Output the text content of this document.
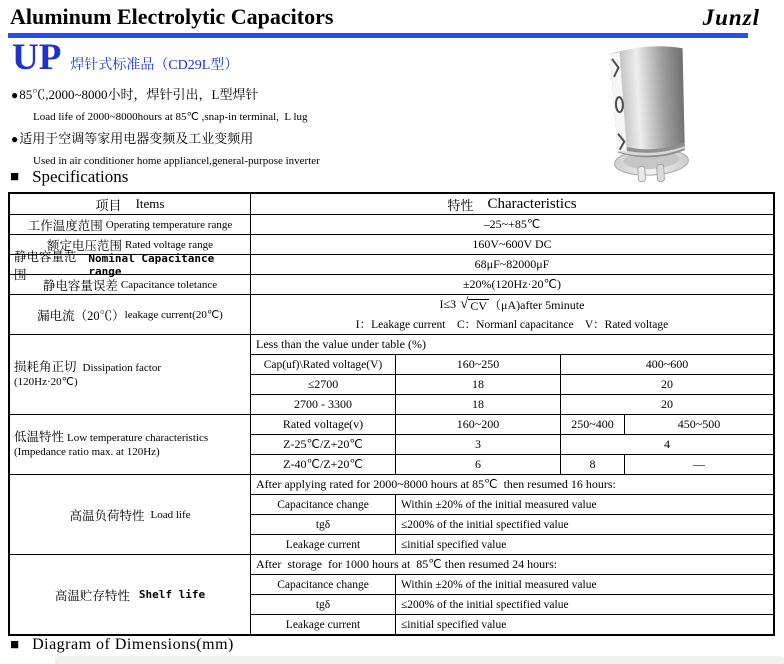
Aluminum Electrolytic Capacitors	Junzl
UP 焊针式标准品（CD29L型）
●85℃,2000~8000小时，焊针引出，L型焊针
Load life of 2000~8000hours at 85℃ ,snap-in terminal,  L lug
●适用于空调等家用电器变频及工业变频用
Used in air conditioner home appliancel,general-purpose inverter
■ Specifications
项目 Items	特性 Characteristics
工作温度范围
Operating temperature range	–25~+85℃
额定电压范围
Rated voltage range	160V~600V DC
静电容量范围

Nominal Capacitance range	68μF~82000μF
静电容量误差
Capacitance toletance	±20%(120Hz·20℃)
漏电流（20℃） leakage current(20℃)
I≤3 √ CV （μA)after 5minute
I：Leakage current    C：Normanl capacitance    V：Rated voltage
损耗角正切 Dissipation factor
(120Hz·20℃)
Less than the value under table (%)
Cap(uf)\Rated voltage(V)	160~250	400~600
≤2700	18	20
2700 - 3300	18	20
低温特性 Low temperature characteristics
(Impedance ratio max. at 120Hz)
Rated voltage(v)	160~200	250~400	450~500
Z-25℃/Z+20℃	3	4
Z-40℃/Z+20℃	6	8	—
高温负荷特性
Load life
After applying rated for 2000~8000 hours at 85℃  then resumed 16 hours:
Capacitance change	Within ±20% of the initial measured value
tgδ	≤200% of the initial spectified value
Leakage current	≤initial specified value
高温贮存特性
Shelf life
After  storage  for 1000 hours at  85℃ then resumed 24 hours:
Capacitance change	Within ±20% of the initial measured value
tgδ	≤200% of the initial spectified value
Leakage current	≤initial specified value
■ Diagram of Dimensions(mm)
